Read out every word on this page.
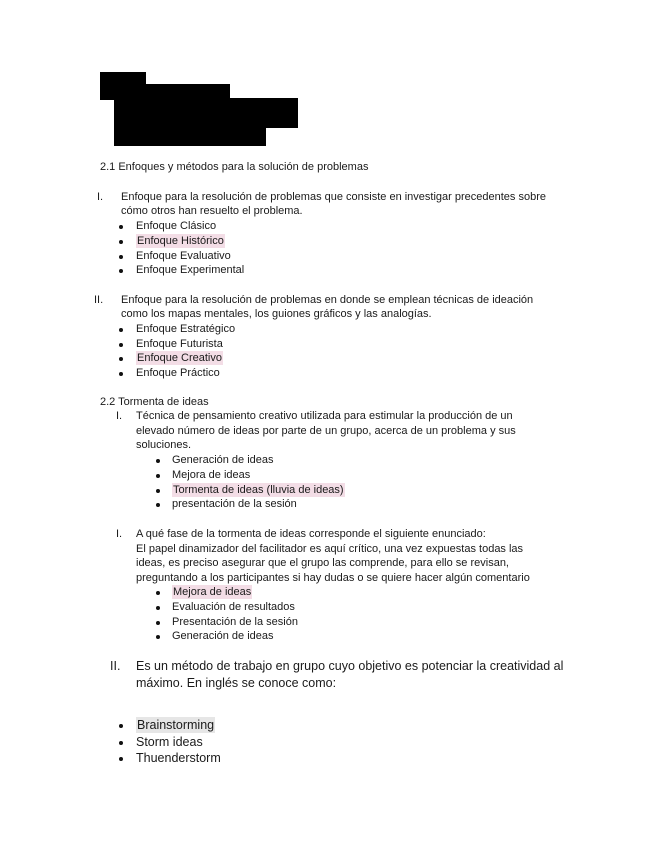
2.1 Enfoques y métodos para la solución de problemas
I. Enfoque para la resolución de problemas que consiste en investigar precedentes sobre
cómo otros han resuelto el problema.
Enfoque Clásico
Enfoque Histórico
Enfoque Evaluativo
Enfoque Experimental
II. Enfoque para la resolución de problemas en donde se emplean técnicas de ideación
como los mapas mentales, los guiones gráficos y las analogías.
Enfoque Estratégico
Enfoque Futurista
Enfoque Creativo
Enfoque Práctico
2.2 Tormenta de ideas
I. Técnica de pensamiento creativo utilizada para estimular la producción de un
elevado número de ideas por parte de un grupo, acerca de un problema y sus
soluciones.
Generación de ideas
Mejora de ideas
Tormenta de ideas (lluvia de ideas)
presentación de la sesión
I. A qué fase de la tormenta de ideas corresponde el siguiente enunciado:
El papel dinamizador del facilitador es aquí crítico, una vez expuestas todas las
ideas, es preciso asegurar que el grupo las comprende, para ello se revisan,
preguntando a los participantes si hay dudas o se quiere hacer algún comentario
Mejora de ideas
Evaluación de resultados
Presentación de la sesión
Generación de ideas
II. Es un método de trabajo en grupo cuyo objetivo es potenciar la creatividad al
máximo. En inglés se conoce como:
Brainstorming
Storm ideas
Thuenderstorm
